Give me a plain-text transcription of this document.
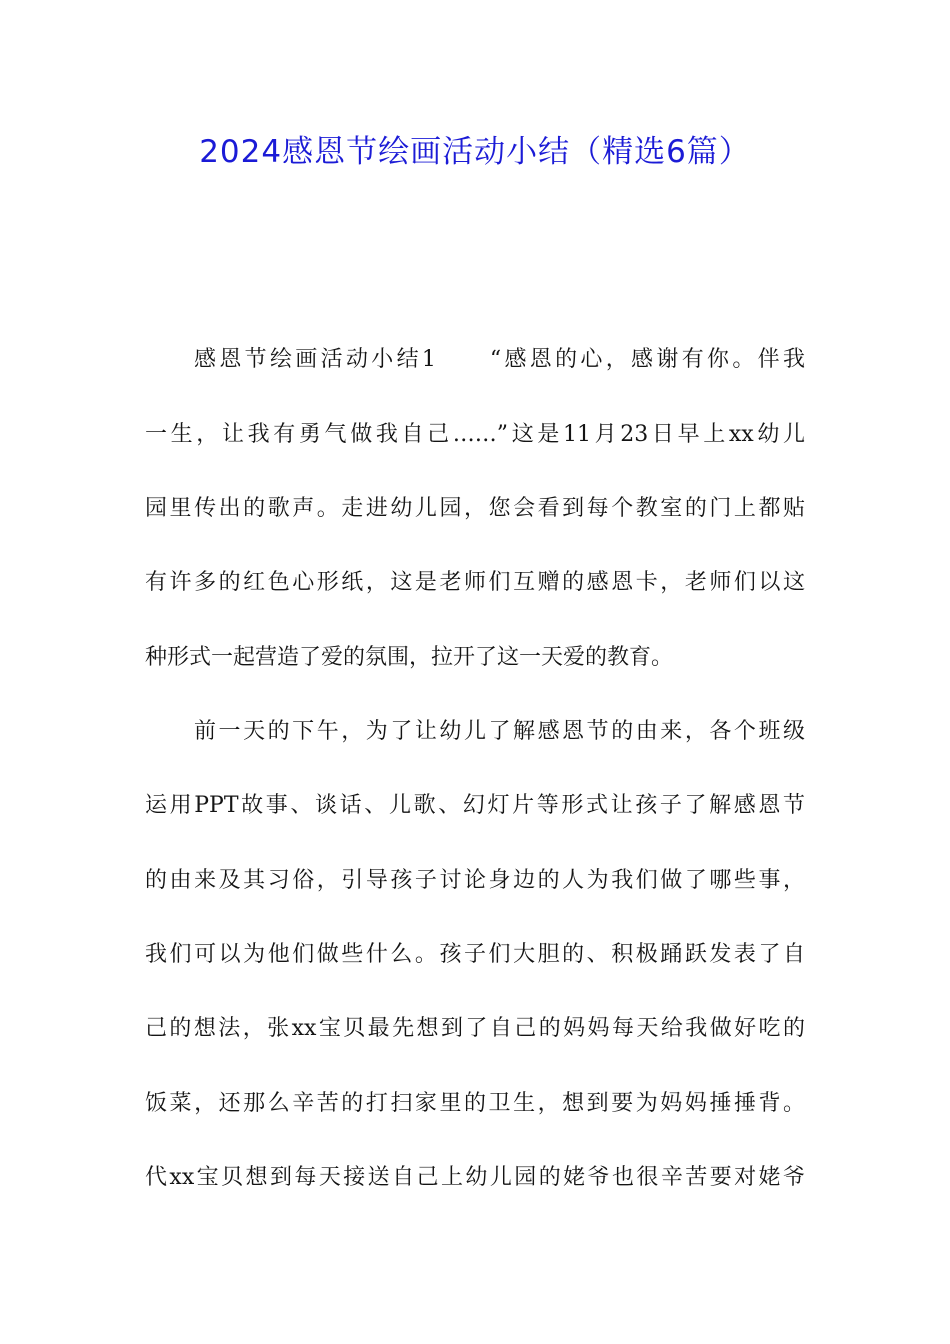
2024感恩节绘画活动小结（精选6篇）
感恩节绘画活动小结1　　“感恩的心，感谢有你。伴我
一生，让我有勇气做我自己……”这是11月23日早上xx幼儿
园里传出的歌声。走进幼儿园，您会看到每个教室的门上都贴
有许多的红色心形纸，这是老师们互赠的感恩卡，老师们以这
种形式一起营造了爱的氛围，拉开了这一天爱的教育。
前一天的下午，为了让幼儿了解感恩节的由来，各个班级
运用PPT故事、谈话、儿歌、幻灯片等形式让孩子了解感恩节
的由来及其习俗，引导孩子讨论身边的人为我们做了哪些事，
我们可以为他们做些什么。孩子们大胆的、积极踊跃发表了自
己的想法，张xx宝贝最先想到了自己的妈妈每天给我做好吃的
饭菜，还那么辛苦的打扫家里的卫生，想到要为妈妈捶捶背。
代xx宝贝想到每天接送自己上幼儿园的姥爷也很辛苦要对姥爷
